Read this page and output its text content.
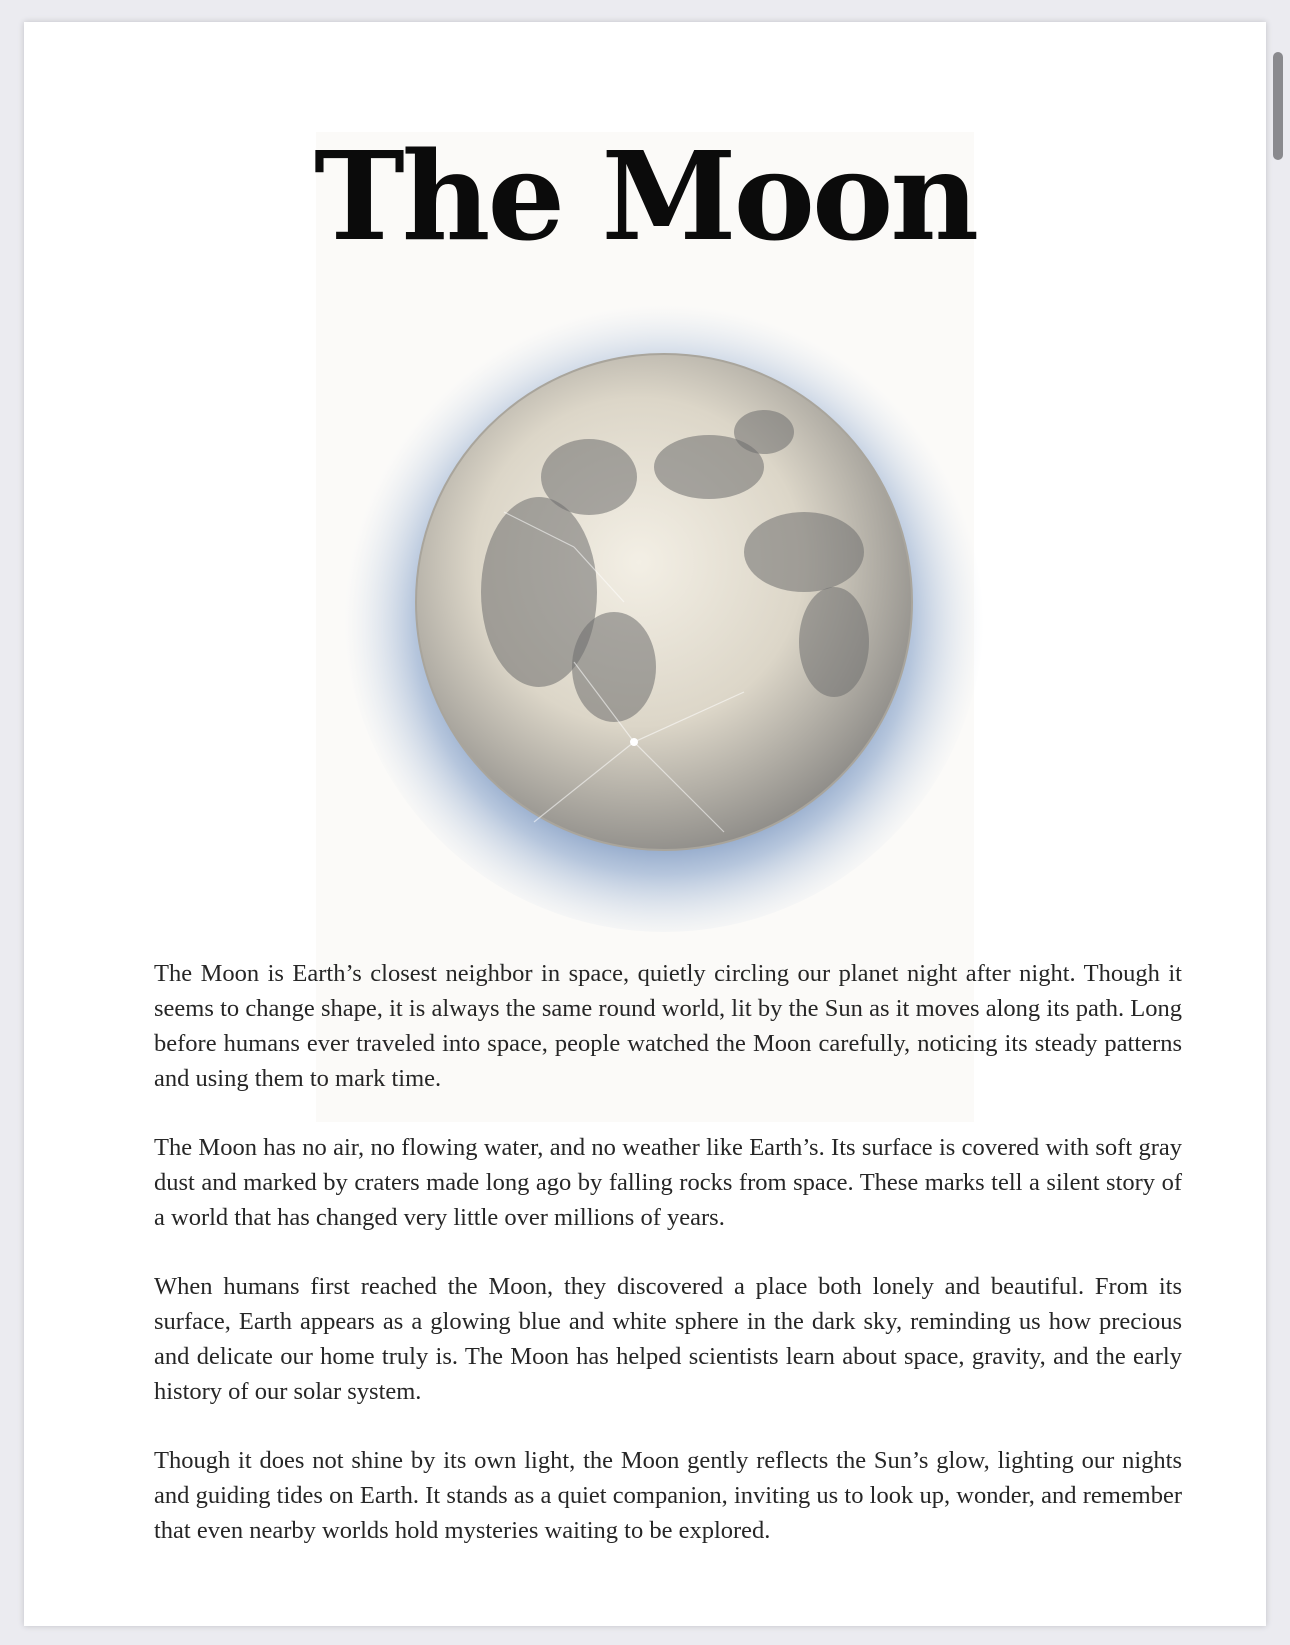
The Moon

The Moon is Earth’s closest neighbor in space, quietly circling our planet night after night. Though it seems to change shape, it is always the same round world, lit by the Sun as it moves along its path. Long before humans ever traveled into space, people watched the Moon carefully, noticing its steady patterns and using them to mark time.

The Moon has no air, no flowing water, and no weather like Earth’s. Its surface is covered with soft gray dust and marked by craters made long ago by falling rocks from space. These marks tell a silent story of a world that has changed very little over millions of years.

When humans first reached the Moon, they discovered a place both lonely and beautiful. From its surface, Earth appears as a glowing blue and white sphere in the dark sky, reminding us how precious and delicate our home truly is. The Moon has helped scientists learn about space, gravity, and the early history of our solar system.

Though it does not shine by its own light, the Moon gently reflects the Sun’s glow, lighting our nights and guiding tides on Earth. It stands as a quiet companion, inviting us to look up, wonder, and remember that even nearby worlds hold mysteries waiting to be explored.
